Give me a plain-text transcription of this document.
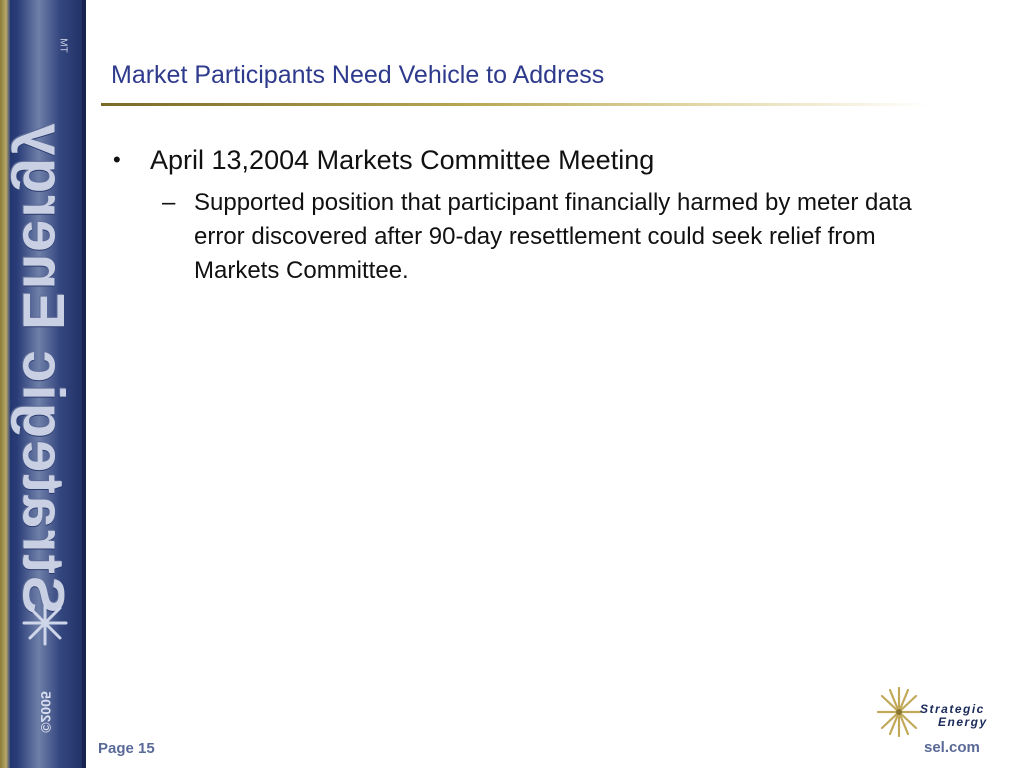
TM
Strategic Energy
©2005
Market Participants Need Vehicle to Address
• April 13,2004 Markets Committee Meeting
– Supported position that participant financially harmed by meter data error discovered after 90-day resettlement could seek relief from Markets Committee.
Page 15
Strategic
Energy
sel.com
